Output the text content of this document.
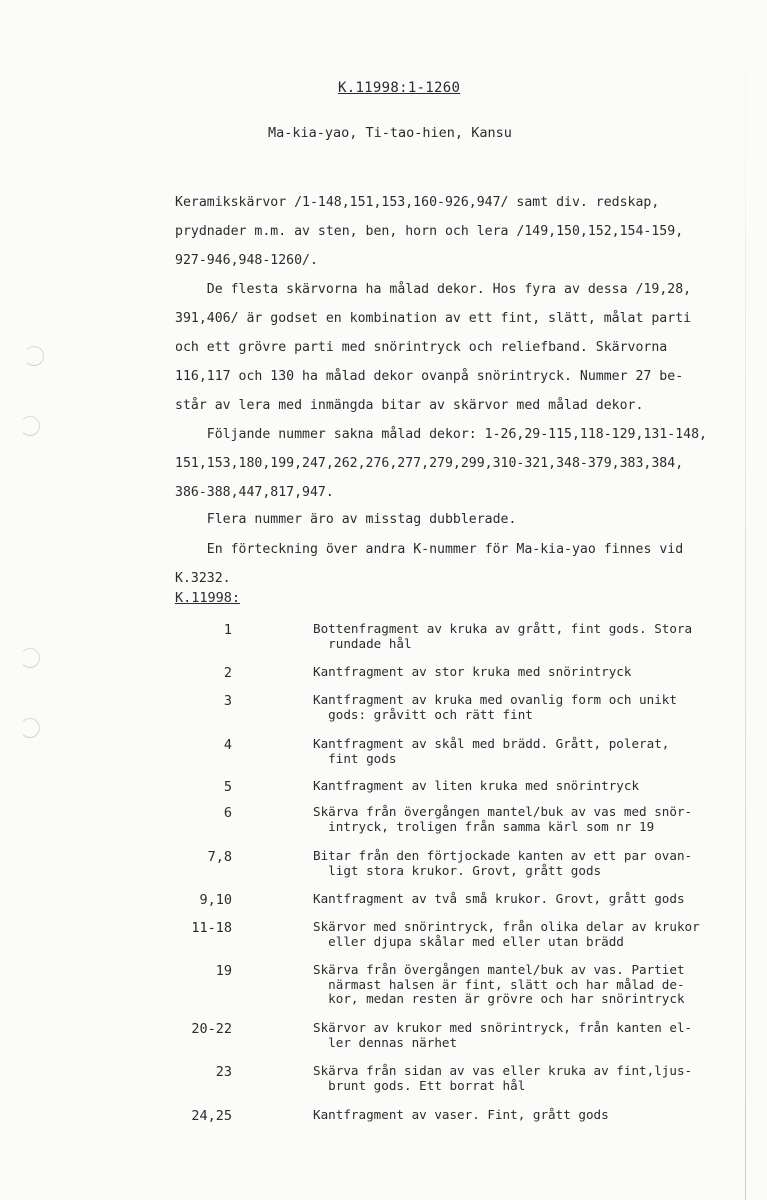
K.11998:1-1260
Ma-kia-yao, Ti-tao-hien, Kansu
Keramikskärvor /1-148,151,153,160-926,947/ samt div. redskap,
prydnader m.m. av sten, ben, horn och lera /149,150,152,154-159,
927-946,948-1260/.
De flesta skärvorna ha målad dekor. Hos fyra av dessa /19,28,
391,406/ är godset en kombination av ett fint, slätt, målat parti
och ett grövre parti med snörintryck och reliefband. Skärvorna
116,117 och 130 ha målad dekor ovanpå snörintryck. Nummer 27 be-
står av lera med inmängda bitar av skärvor med målad dekor.
Följande nummer sakna målad dekor: 1-26,29-115,118-129,131-148,
151,153,180,199,247,262,276,277,279,299,310-321,348-379,383,384,
386-388,447,817,947.
Flera nummer äro av misstag dubblerade.
En förteckning över andra K-nummer för Ma-kia-yao finnes vid
K.3232.
K.11998:
1	Bottenfragment av kruka av grått, fint gods. Stora
rundade hål
2	Kantfragment av stor kruka med snörintryck
3	Kantfragment av kruka med ovanlig form och unikt
gods: gråvitt och rätt fint
4	Kantfragment av skål med brädd. Grått, polerat,
fint gods
5	Kantfragment av liten kruka med snörintryck
6	Skärva från övergången mantel/buk av vas med snör-
intryck, troligen från samma kärl som nr 19
7,8	Bitar från den förtjockade kanten av ett par ovan-
ligt stora krukor. Grovt, grått gods
9,10	Kantfragment av två små krukor. Grovt, grått gods
11-18	Skärvor med snörintryck, från olika delar av krukor
eller djupa skålar med eller utan brädd
19	Skärva från övergången mantel/buk av vas. Partiet
närmast halsen är fint, slätt och har målad de-
kor, medan resten är grövre och har snörintryck
20-22	Skärvor av krukor med snörintryck, från kanten el-
ler dennas närhet
23	Skärva från sidan av vas eller kruka av fint,ljus-
brunt gods. Ett borrat hål
24,25	Kantfragment av vaser. Fint, grått gods
